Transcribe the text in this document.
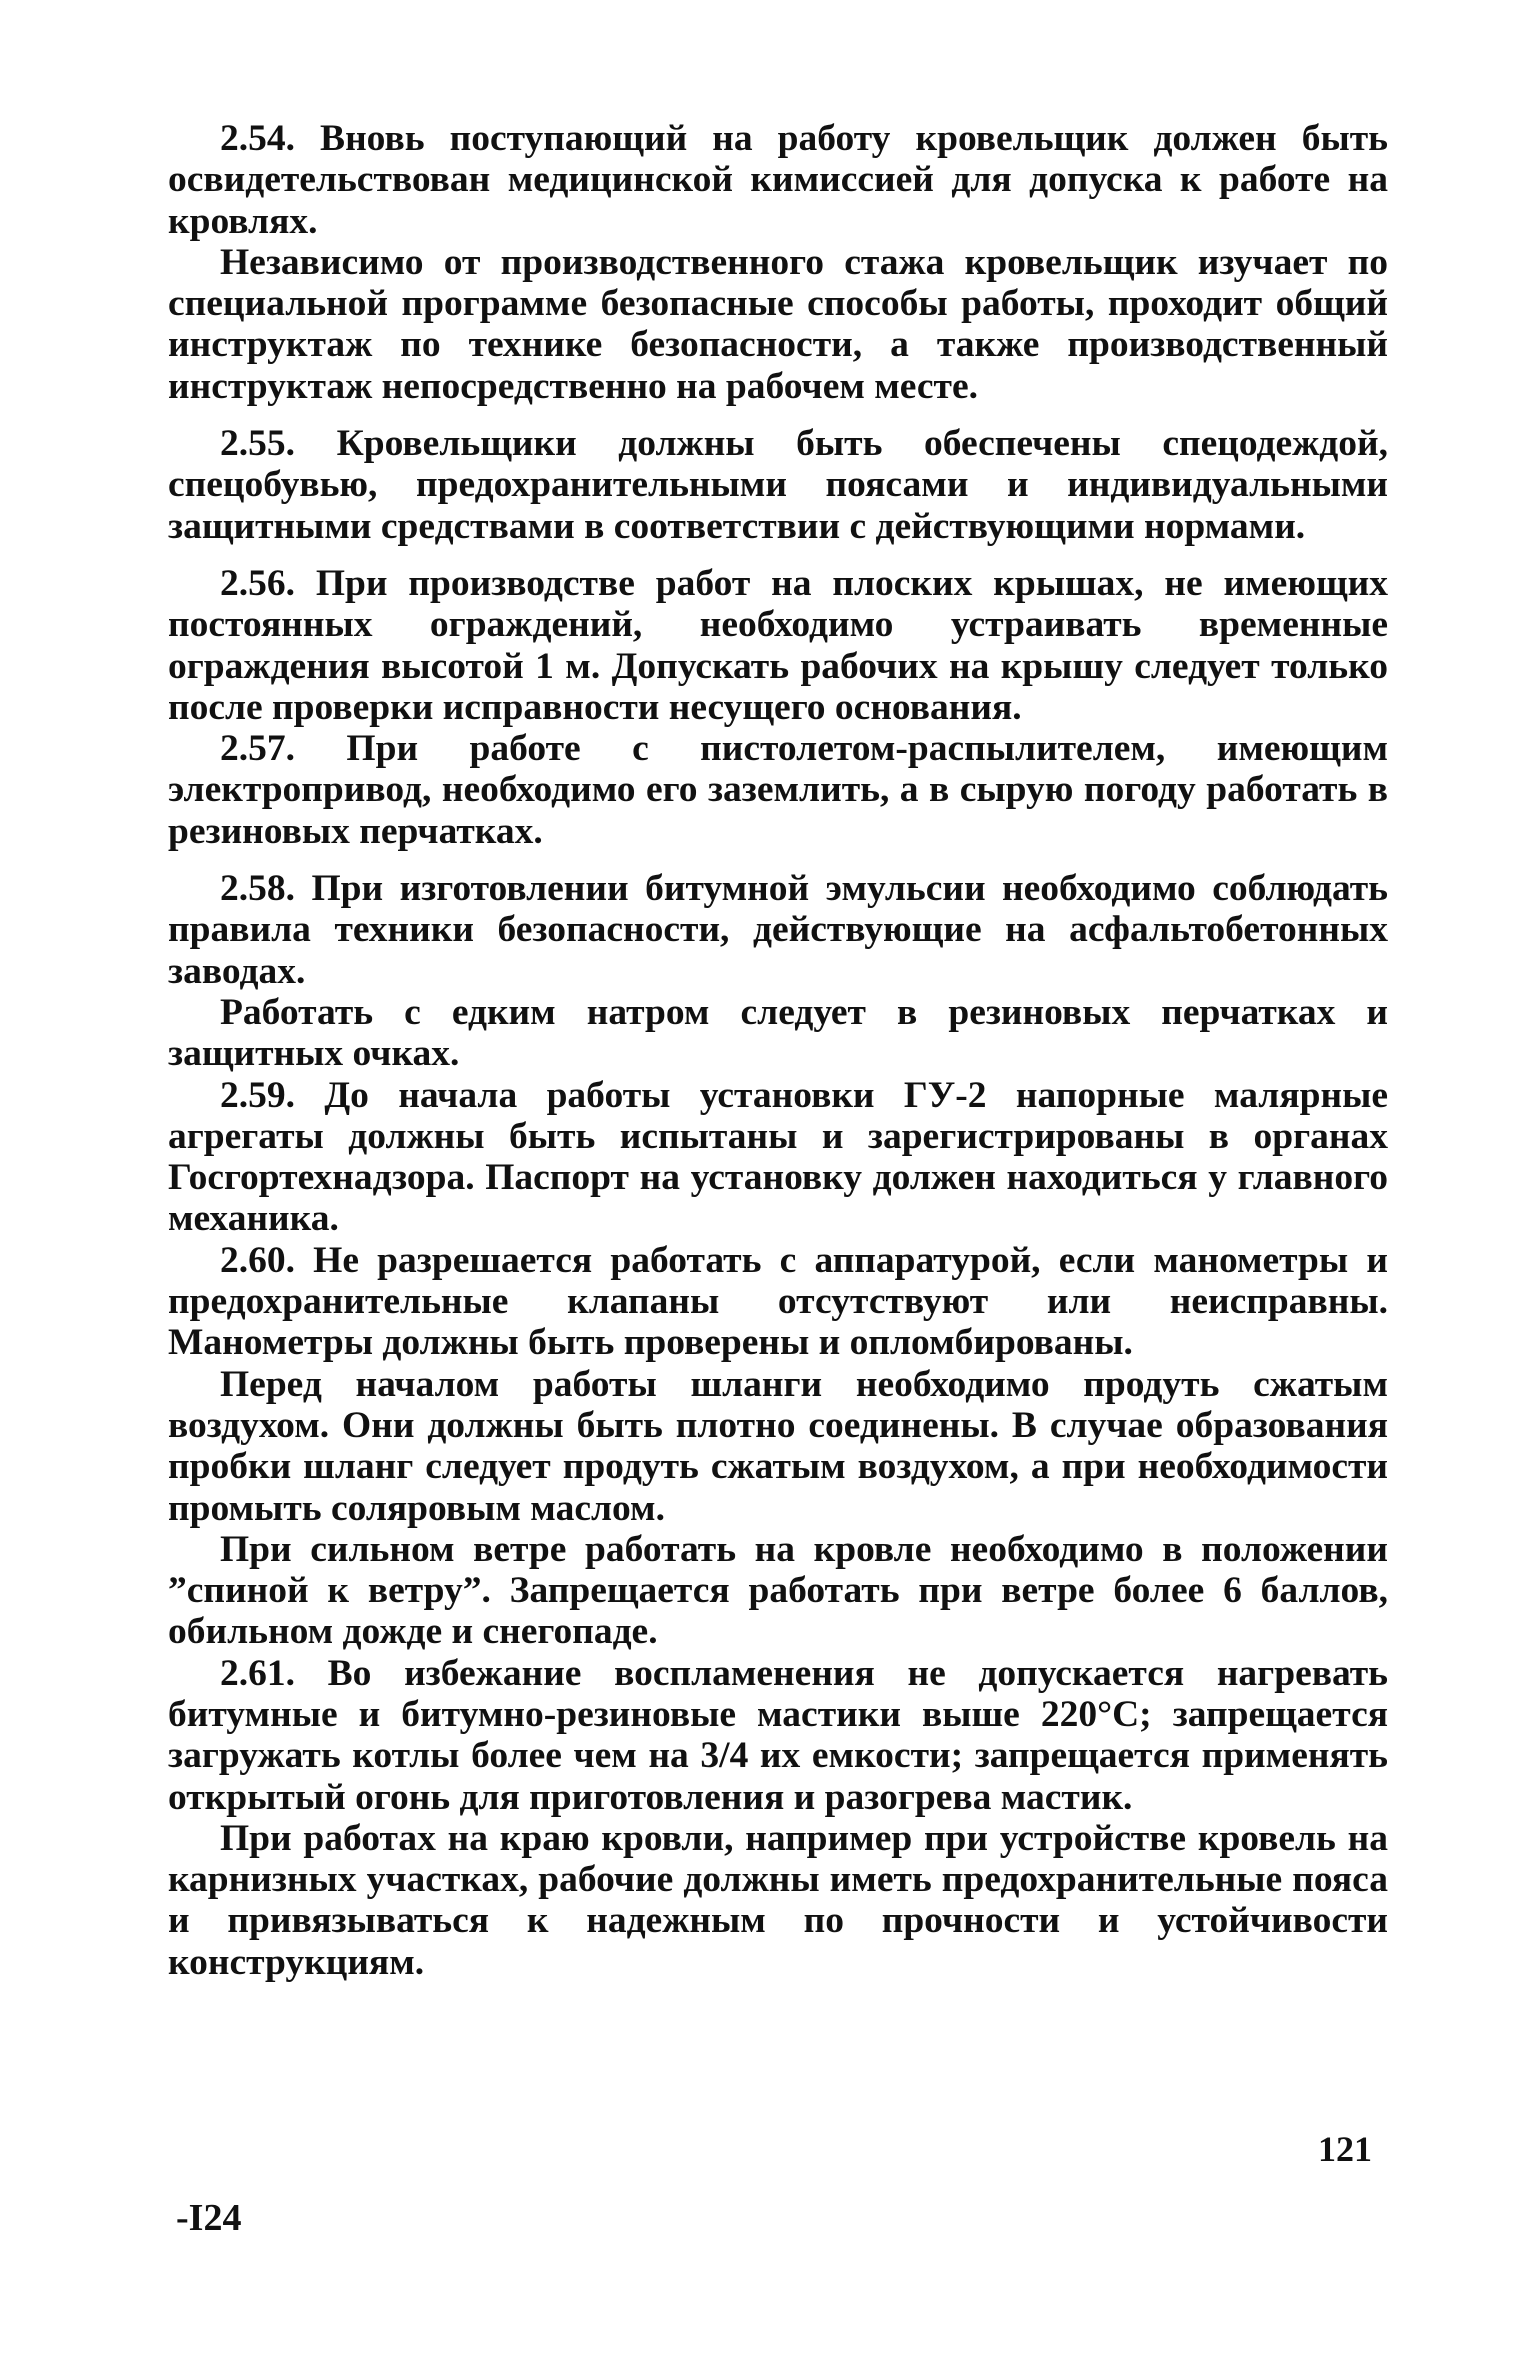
2.54. Вновь поступающий на работу кровельщик должен быть освидетельствован медицинской кимиссией для допуска к работе на кровлях.

Независимо от производственного стажа кровельщик изучает по специальной программе безопасные способы работы, проходит общий инструктаж по технике безопасности, а также производственный инструктаж непосредственно на рабочем месте.

2.55. Кровельщики должны быть обеспечены спецодеждой, спецобувью, предохранительными поясами и индивидуальными защитными средствами в соответствии с действующими нормами.

2.56. При производстве работ на плоских крышах, не имеющих постоянных ограждений, необходимо устраивать временные ограждения высотой 1 м. Допускать рабочих на крышу следует только после проверки исправности несущего основания.

2.57. При работе с пистолетом-распылителем, имеющим электропривод, необходимо его заземлить, а в сырую погоду работать в резиновых перчатках.

2.58. При изготовлении битумной эмульсии необходимо соблюдать правила техники безопасности, действующие на асфальтобетонных заводах.

Работать с едким натром следует в резиновых перчатках и защитных очках.

2.59. До начала работы установки ГУ-2 напорные малярные агрегаты должны быть испытаны и зарегистрированы в органах Госгортехнадзора. Паспорт на установку должен находиться у главного механика.

2.60. Не разрешается работать с аппаратурой, если манометры и предохранительные клапаны отсутствуют или неисправны. Манометры должны быть проверены и опломбированы.

Перед началом работы шланги необходимо продуть сжатым воздухом. Они должны быть плотно соединены. В случае образования пробки шланг следует продуть сжатым воздухом, а при необходимости промыть соляровым маслом.

При сильном ветре работать на кровле необходимо в положении ”спиной к ветру”. Запрещается работать при ветре более 6 баллов, обильном дожде и снегопаде.

2.61. Во избежание воспламенения не допускается нагревать битумные и битумно-резиновые мастики выше 220°С; запрещается загружать котлы более чем на 3/4 их емкости; запрещается применять открытый огонь для приготовления и разогрева мастик.

При работах на краю кровли, например при устройстве кровель на карнизных участках, рабочие должны иметь предохранительные пояса и привязываться к надежным по прочности и устойчивости конструкциям.

121
-I24
